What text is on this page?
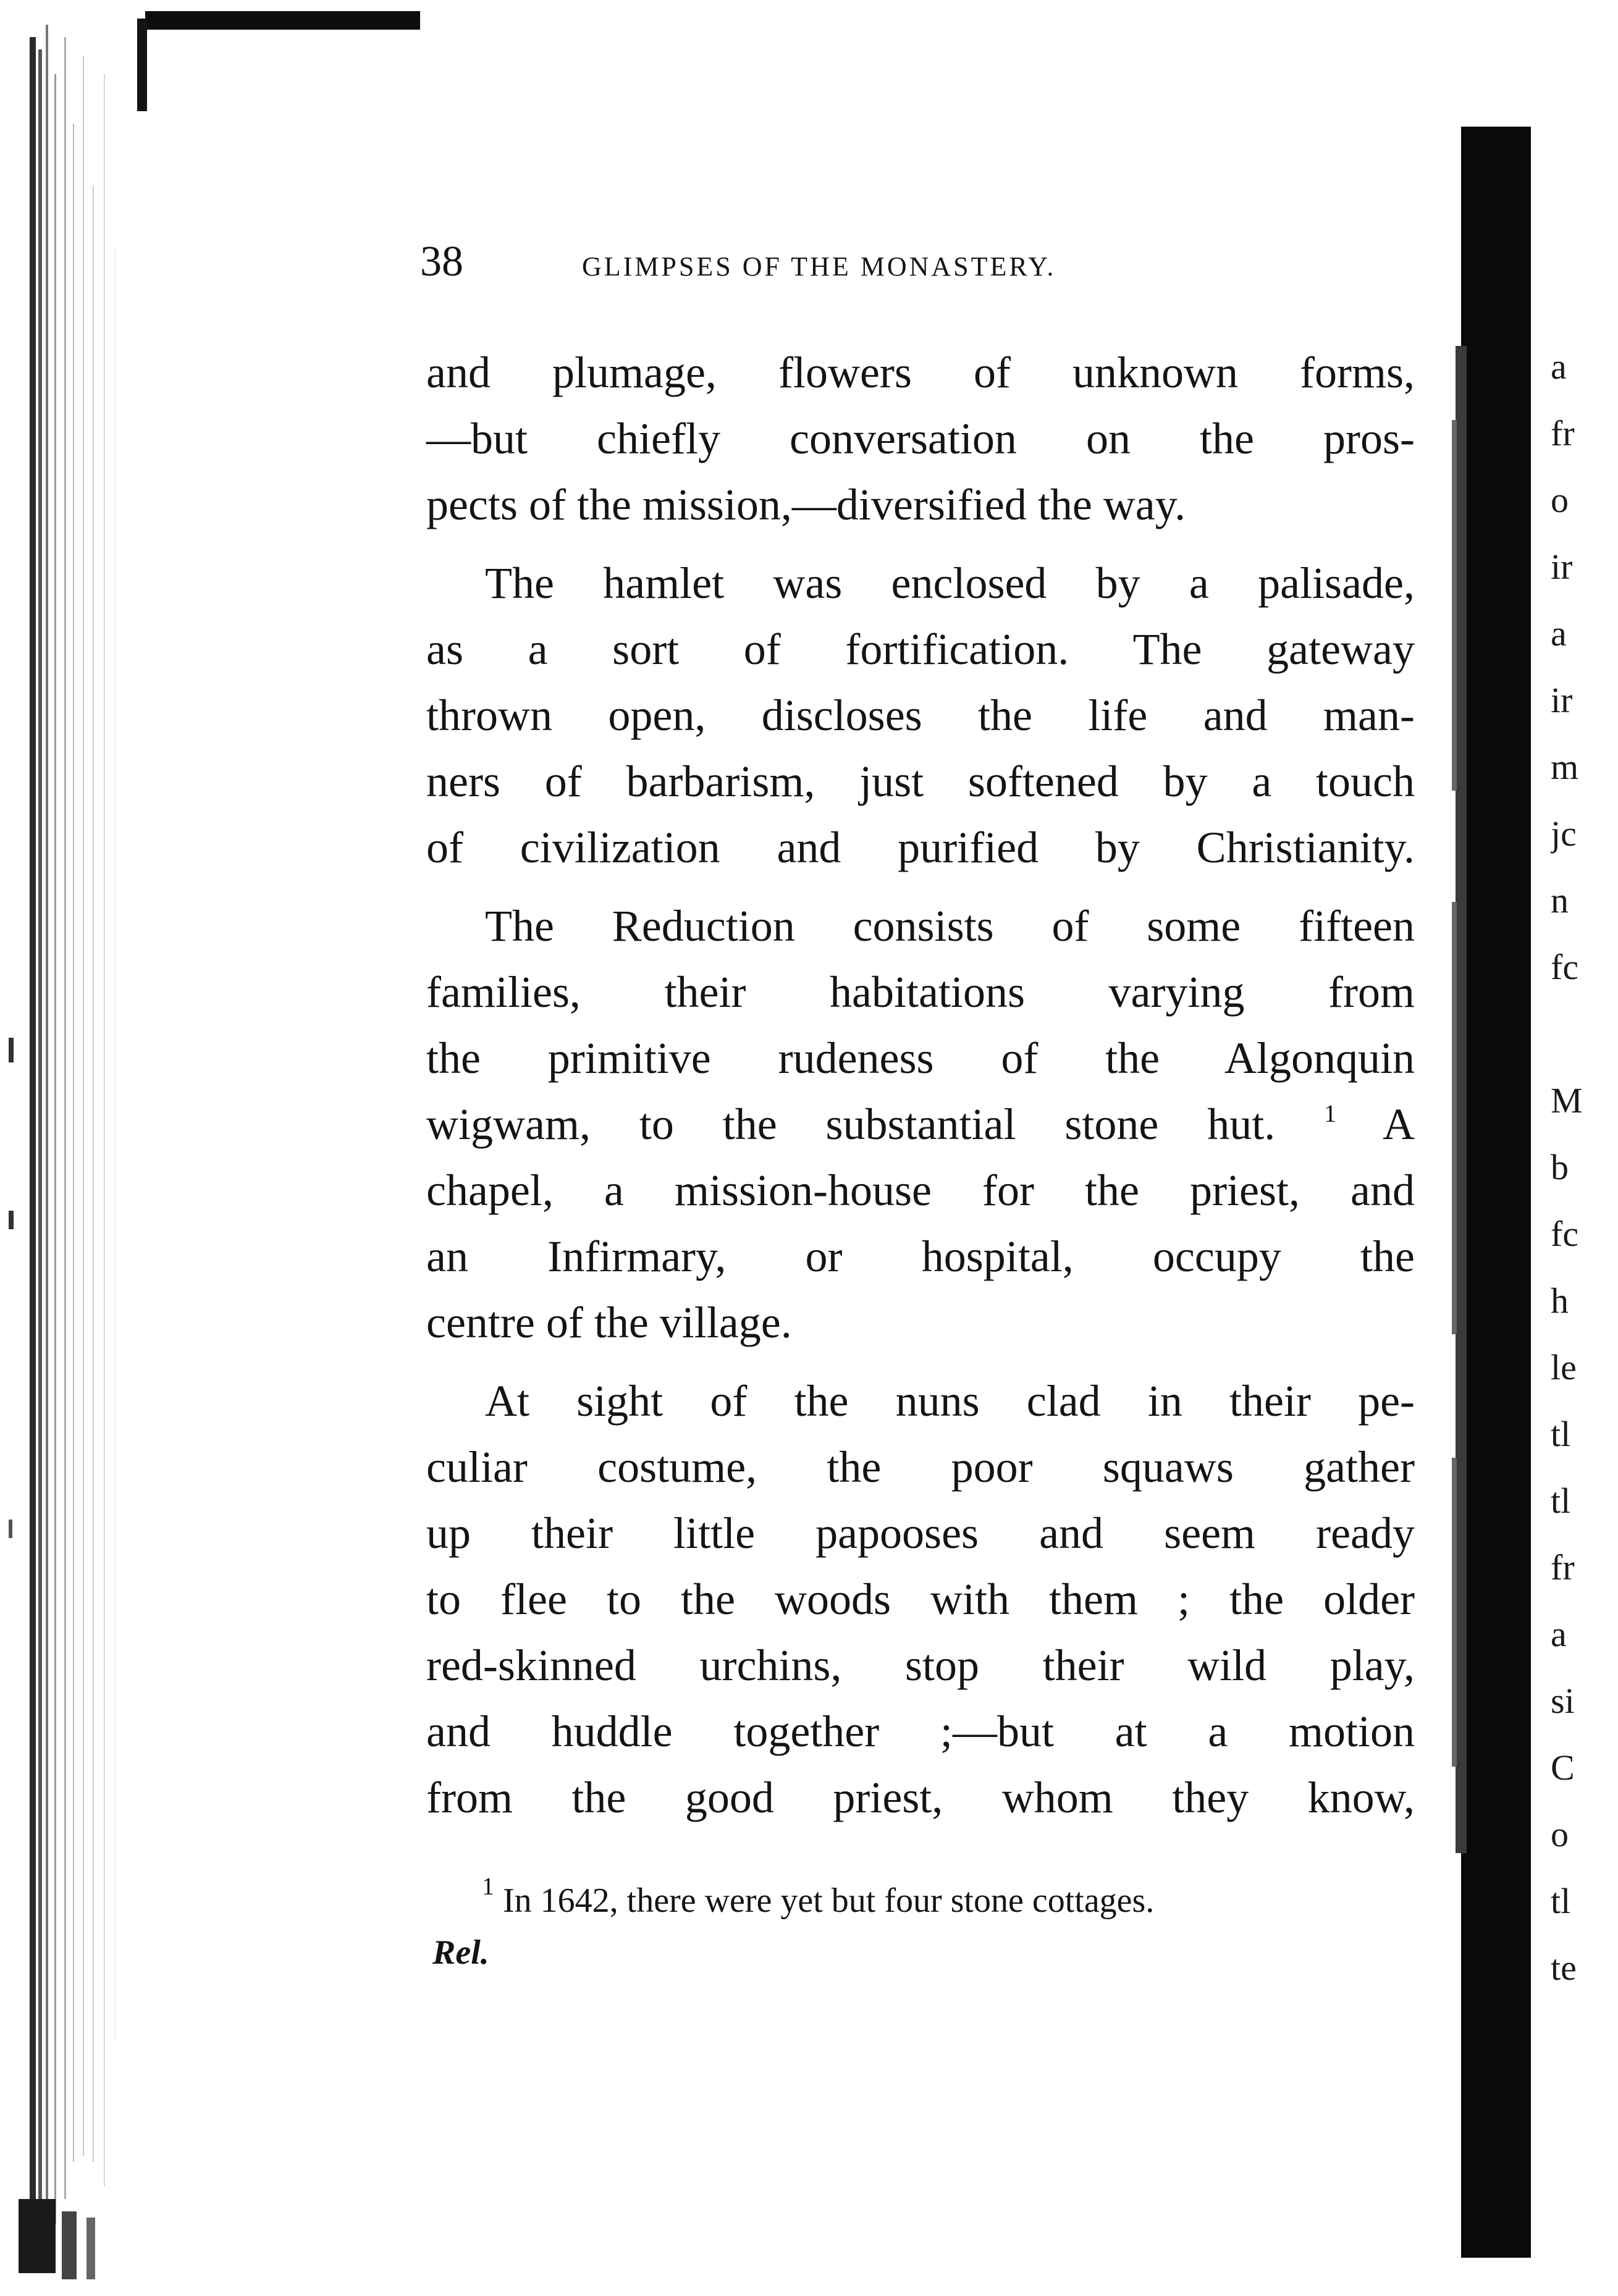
a
fr
o
ir
a
ir
m
jc
n
fc
M
b
fc
h
le
tl
tl
fr
a
si
C
o
tl
te
38	GLIMPSES OF THE MONASTERY.
and plumage, flowers of unknown forms,
—but chiefly conversation on the pros-
pects of the mission,—diversified the way.
The hamlet was enclosed by a palisade,
as a sort of fortification. The gateway
thrown open, discloses the life and man-
ners of barbarism, just softened by a touch
of civilization and purified by Christianity.
The Reduction consists of some fifteen
families, their habitations varying from
the primitive rudeness of the Algonquin
wigwam, to the substantial stone hut. $^1$ A
chapel, a mission-house for the priest, and
an Infirmary, or hospital, occupy the
centre of the village.
At sight of the nuns clad in their pe-
culiar costume, the poor squaws gather
up their little papooses and seem ready
to flee to the woods with them ; the older
red-skinned urchins, stop their wild play,
and huddle together ;—but at a motion
from the good priest, whom they know,
$^1$ In 1642, there were yet but four stone cottages.
Rel.
